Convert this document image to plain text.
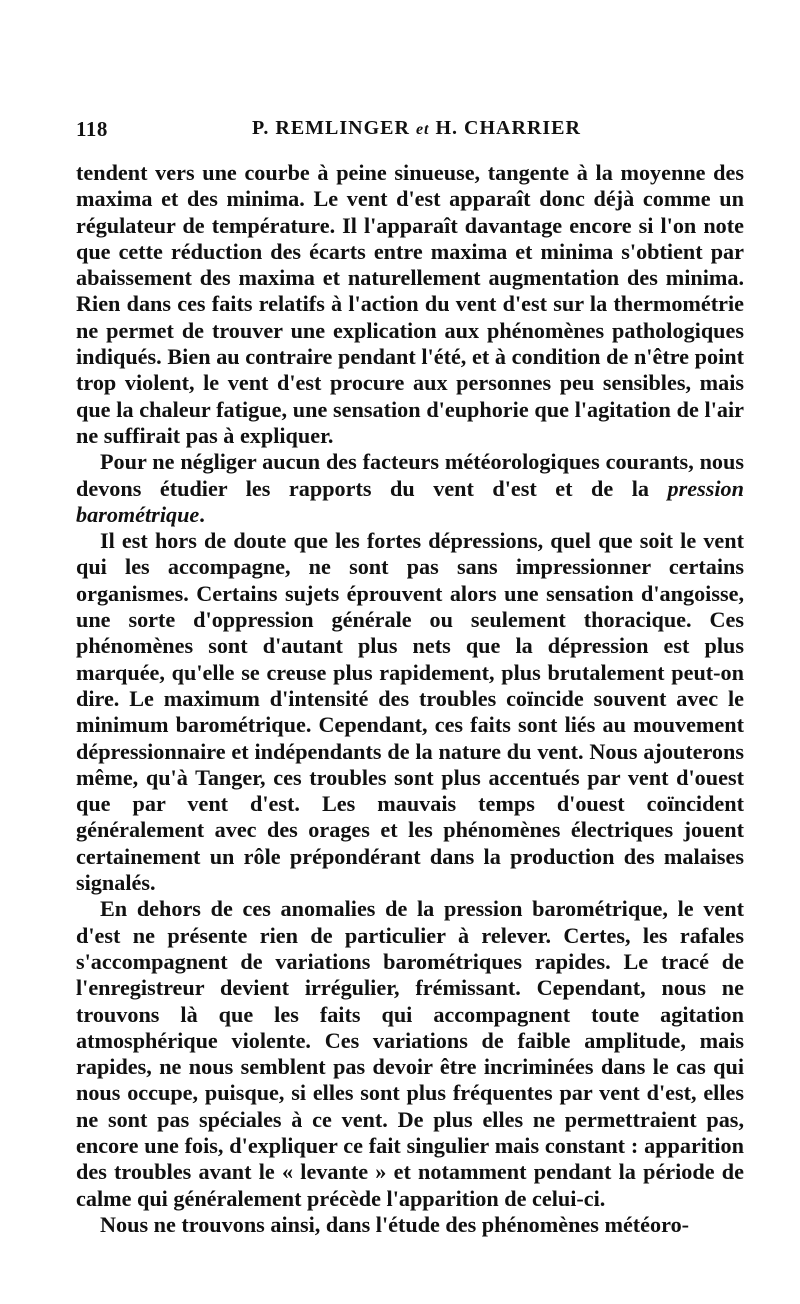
118	P. REMLINGER et H. CHARRIER

tendent vers une courbe à peine sinueuse, tangente à la moyenne des maxima et des minima. Le vent d'est apparaît donc déjà comme un régulateur de température. Il l'apparaît davantage encore si l'on note que cette réduction des écarts entre maxima et minima s'obtient par abaissement des maxima et naturellement augmentation des minima. Rien dans ces faits relatifs à l'action du vent d'est sur la thermométrie ne permet de trouver une explication aux phénomènes pathologiques indiqués. Bien au contraire pendant l'été, et à condition de n'être point trop violent, le vent d'est procure aux personnes peu sensibles, mais que la chaleur fatigue, une sensation d'euphorie que l'agitation de l'air ne suffirait pas à expliquer.

Pour ne négliger aucun des facteurs météorologiques courants, nous devons étudier les rapports du vent d'est et de la pression barométrique.

Il est hors de doute que les fortes dépressions, quel que soit le vent qui les accompagne, ne sont pas sans impressionner certains organismes. Certains sujets éprouvent alors une sensation d'angoisse, une sorte d'oppression générale ou seulement thoracique. Ces phénomènes sont d'autant plus nets que la dépression est plus marquée, qu'elle se creuse plus rapidement, plus brutalement peut-on dire. Le maximum d'intensité des troubles coïncide souvent avec le minimum barométrique. Cependant, ces faits sont liés au mouvement dépressionnaire et indépendants de la nature du vent. Nous ajouterons même, qu'à Tanger, ces troubles sont plus accentués par vent d'ouest que par vent d'est. Les mauvais temps d'ouest coïncident généralement avec des orages et les phénomènes électriques jouent certainement un rôle prépondérant dans la production des malaises signalés.

En dehors de ces anomalies de la pression barométrique, le vent d'est ne présente rien de particulier à relever. Certes, les rafales s'accompagnent de variations barométriques rapides. Le tracé de l'enregistreur devient irrégulier, frémissant. Cependant, nous ne trouvons là que les faits qui accompagnent toute agitation atmosphérique violente. Ces variations de faible amplitude, mais rapides, ne nous semblent pas devoir être incriminées dans le cas qui nous occupe, puisque, si elles sont plus fréquentes par vent d'est, elles ne sont pas spéciales à ce vent. De plus elles ne permettraient pas, encore une fois, d'expliquer ce fait singulier mais constant : apparition des troubles avant le « levante » et notamment pendant la période de calme qui généralement précède l'apparition de celui-ci.

Nous ne trouvons ainsi, dans l'étude des phénomènes météoro-
